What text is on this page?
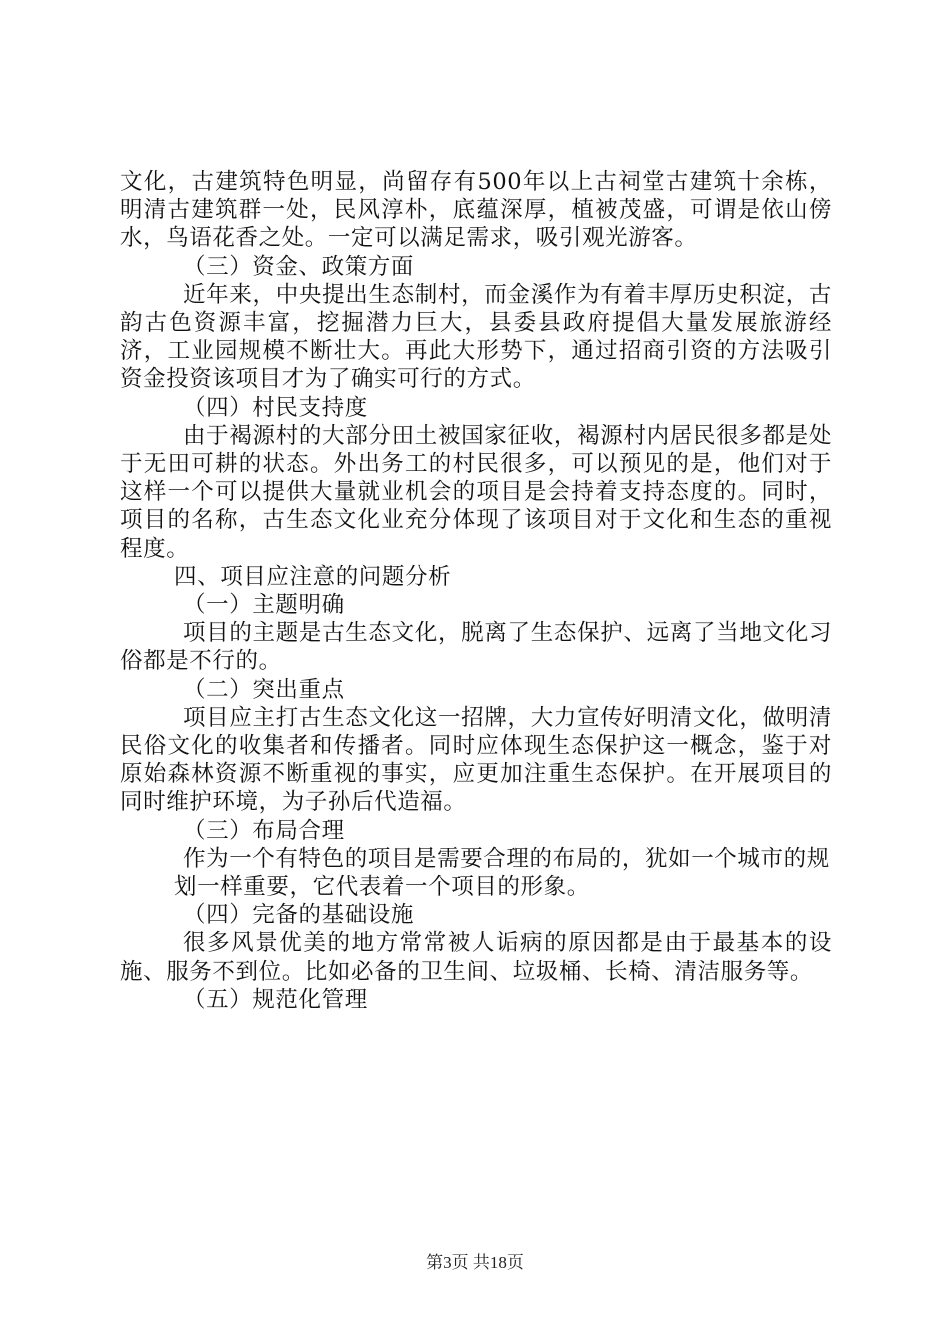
文化，古建筑特色明显，尚留存有500年以上古祠堂古建筑十余栋，明清古建筑群一处，民风淳朴，底蕴深厚，植被茂盛，可谓是依山傍水，鸟语花香之处。一定可以满足需求，吸引观光游客。

（三）资金、政策方面

近年来，中央提出生态制村，而金溪作为有着丰厚历史积淀，古韵古色资源丰富，挖掘潜力巨大，县委县政府提倡大量发展旅游经济，工业园规模不断壮大。再此大形势下，通过招商引资的方法吸引资金投资该项目才为了确实可行的方式。

（四）村民支持度

由于褐源村的大部分田土被国家征收，褐源村内居民很多都是处于无田可耕的状态。外出务工的村民很多，可以预见的是，他们对于这样一个可以提供大量就业机会的项目是会持着支持态度的。同时，项目的名称，古生态文化业充分体现了该项目对于文化和生态的重视程度。

四、项目应注意的问题分析

（一）主题明确

项目的主题是古生态文化，脱离了生态保护、远离了当地文化习俗都是不行的。

（二）突出重点

项目应主打古生态文化这一招牌，大力宣传好明清文化，做明清民俗文化的收集者和传播者。同时应体现生态保护这一概念，鉴于对原始森林资源不断重视的事实，应更加注重生态保护。在开展项目的同时维护环境，为子孙后代造福。

（三）布局合理

作为一个有特色的项目是需要合理的布局的，犹如一个城市的规

划一样重要，它代表着一个项目的形象。

（四）完备的基础设施

很多风景优美的地方常常被人诟病的原因都是由于最基本的设施、服务不到位。比如必备的卫生间、垃圾桶、长椅、清洁服务等。

（五）规范化管理

第3页 共18页
